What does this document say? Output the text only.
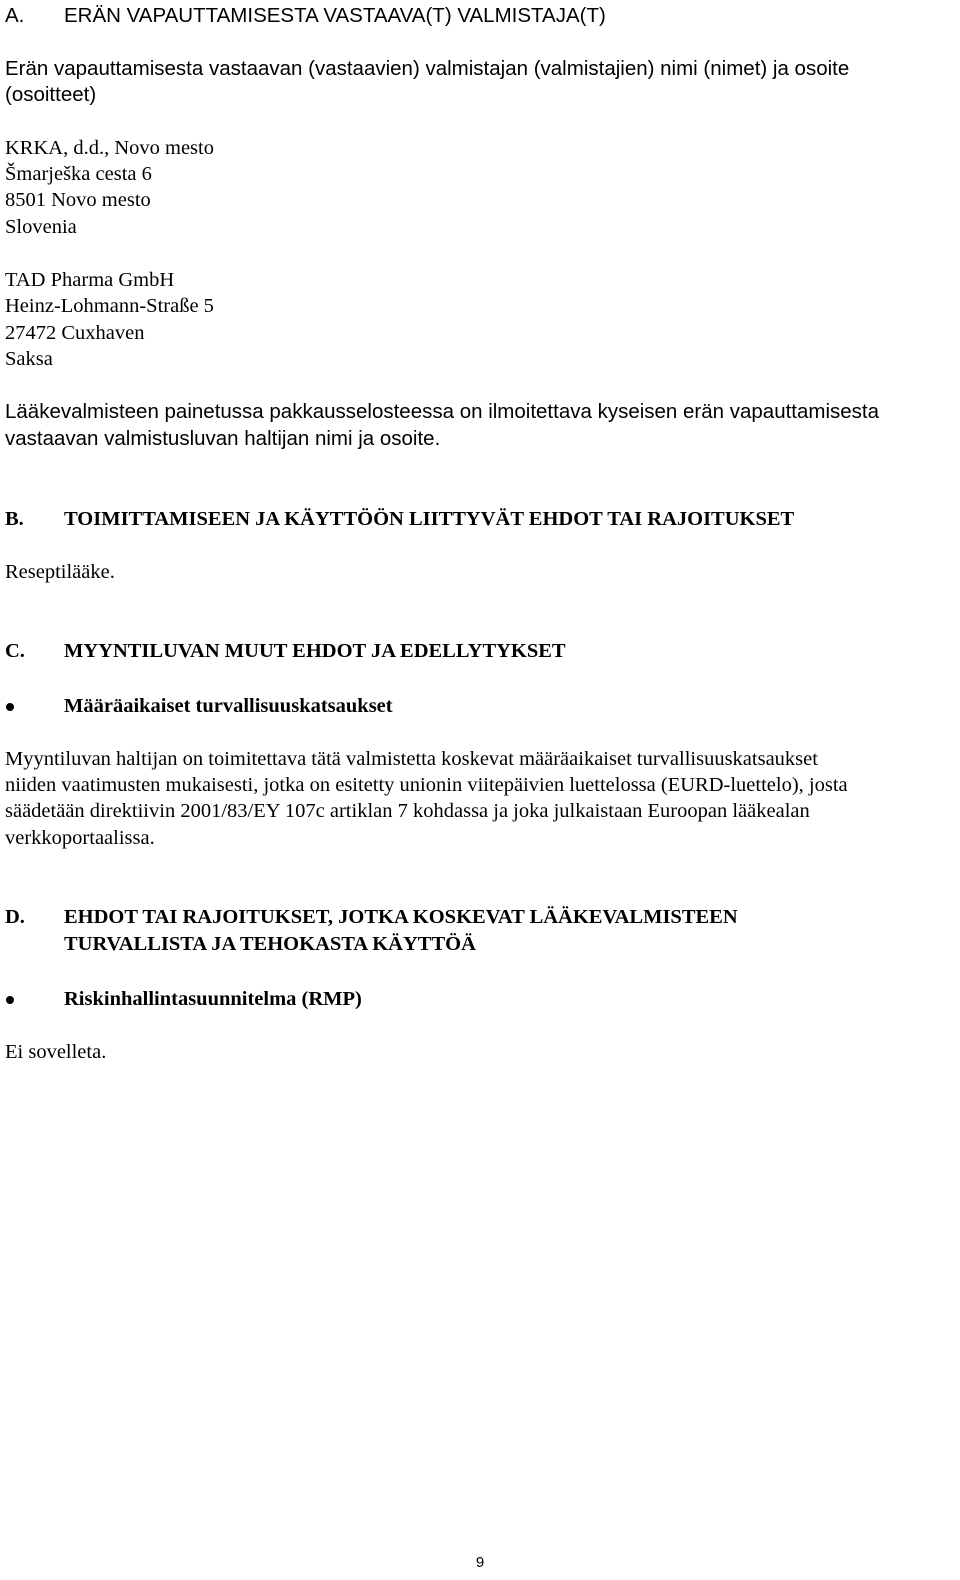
A. ERÄN VAPAUTTAMISESTA VASTAAVA(T) VALMISTAJA(T)

Erän vapauttamisesta vastaavan (vastaavien) valmistajan (valmistajien) nimi (nimet) ja osoite

(osoitteet)

KRKA, d.d., Novo mesto

Šmarješka cesta 6

8501 Novo mesto

Slovenia

TAD Pharma GmbH

Heinz-Lohmann-Straße 5

27472 Cuxhaven

Saksa

Lääkevalmisteen painetussa pakkausselosteessa on ilmoitettava kyseisen erän vapauttamisesta

vastaavan valmistusluvan haltijan nimi ja osoite.

B. TOIMITTAMISEEN JA KÄYTTÖÖN LIITTYVÄT EHDOT TAI RAJOITUKSET

Reseptilääke.

C. MYYNTILUVAN MUUT EHDOT JA EDELLYTYKSET
Määräaikaiset turvallisuuskatsaukset

Myyntiluvan haltijan on toimitettava tätä valmistetta koskevat määräaikaiset turvallisuuskatsaukset

niiden vaatimusten mukaisesti, jotka on esitetty unionin viitepäivien luettelossa (EURD-luettelo), josta

säädetään direktiivin 2001/83/EY 107c artiklan 7 kohdassa ja joka julkaistaan Euroopan lääkealan

verkkoportaalissa.

D. EHDOT TAI RAJOITUKSET, JOTKA KOSKEVAT LÄÄKEVALMISTEEN
TURVALLISTA JA TEHOKASTA KÄYTTÖÄ
Riskinhallintasuunnitelma (RMP)

Ei sovelleta.

9
